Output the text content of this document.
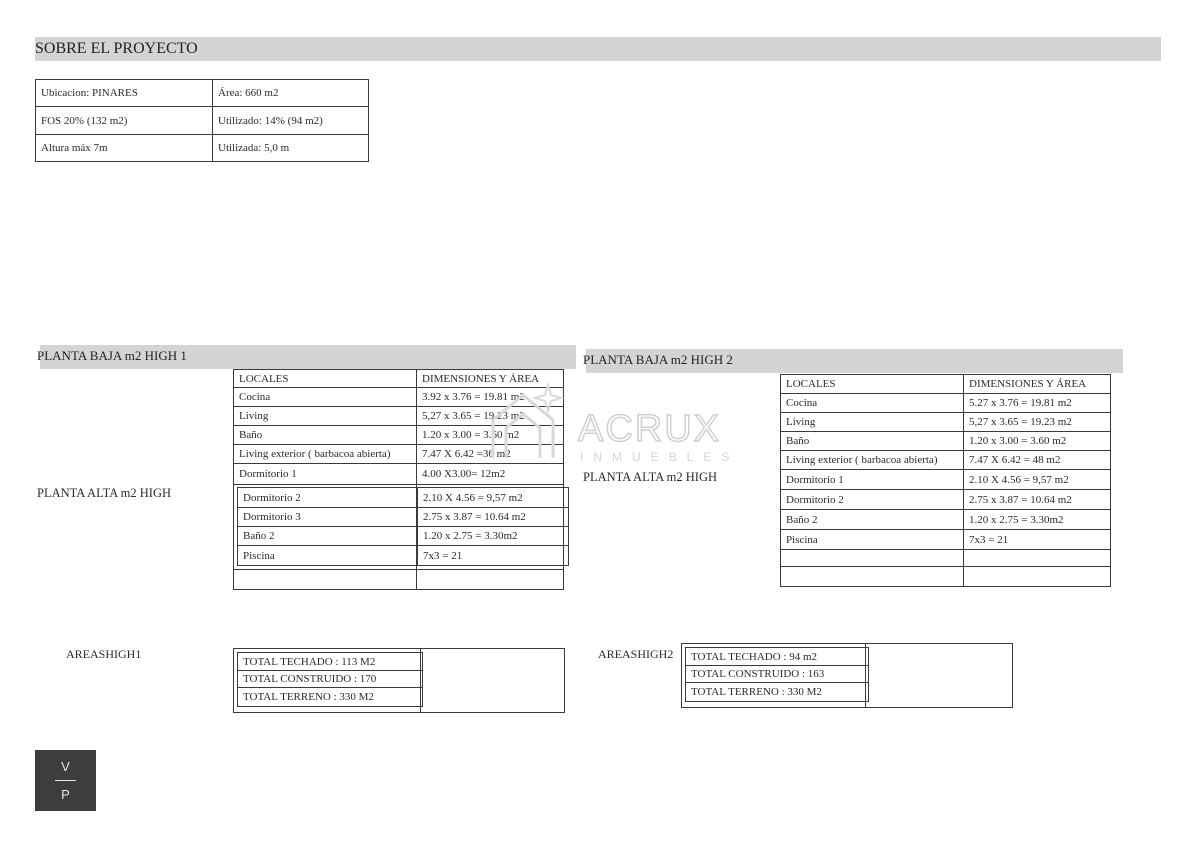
SOBRE EL PROYECTO
Ubicacion: PINARES	Área: 660 m2
FOS 20% (132 m2)	Utilizado: 14% (94 m2)
Altura máx 7m	Utilizada: 5,0 m
PLANTA BAJA m2 HIGH 1
PLANTA ALTA m2 HIGH
LOCALES	DIMENSIONES Y ÁREA
Cocina	3.92 x 3.76 = 19.81 m2
Living	5,27 x 3.65 = 19.23 m2
Baño	1.20 x 3.00 = 3.60 m2
Living exterior ( barbacoa abierta)	7.47 X 6.42 =36 m2
Dormitorio 1	4.00 X3.00= 12m2

Dormitorio 2	2.10 X 4.56 = 9,57 m2
Dormitorio 3	2.75 x 3.87 = 10.64 m2
Baño 2	1.20 x 2.75 = 3.30m2
Piscina	7x3 = 21
AREASHIGH1
TOTAL TECHADO : 113 M2
TOTAL CONSTRUIDO : 170
TOTAL TERRENO : 330 M2
PLANTA BAJA m2 HIGH 2
PLANTA ALTA m2 HIGH
LOCALES	DIMENSIONES Y ÁREA
Cocina	5.27 x 3.76 = 19.81 m2
Living	5,27 x 3.65 = 19.23 m2
Baño	1.20 x 3.00 = 3.60 m2
Living exterior ( barbacoa abierta)	7.47 X 6.42 = 48 m2
Dormitorio 1	2.10 X 4.56 = 9,57 m2
Dormitorio 2	2.75 x 3.87 = 10.64 m2
Baño 2	1.20 x 2.75 = 3.30m2
Piscina	7x3 = 21

AREASHIGH2 TOTAL TECHADO : 94 m2
TOTAL CONSTRUIDO : 163
TOTAL TERRENO : 330 M2
ACRUX
INMUEBLES
V
P
